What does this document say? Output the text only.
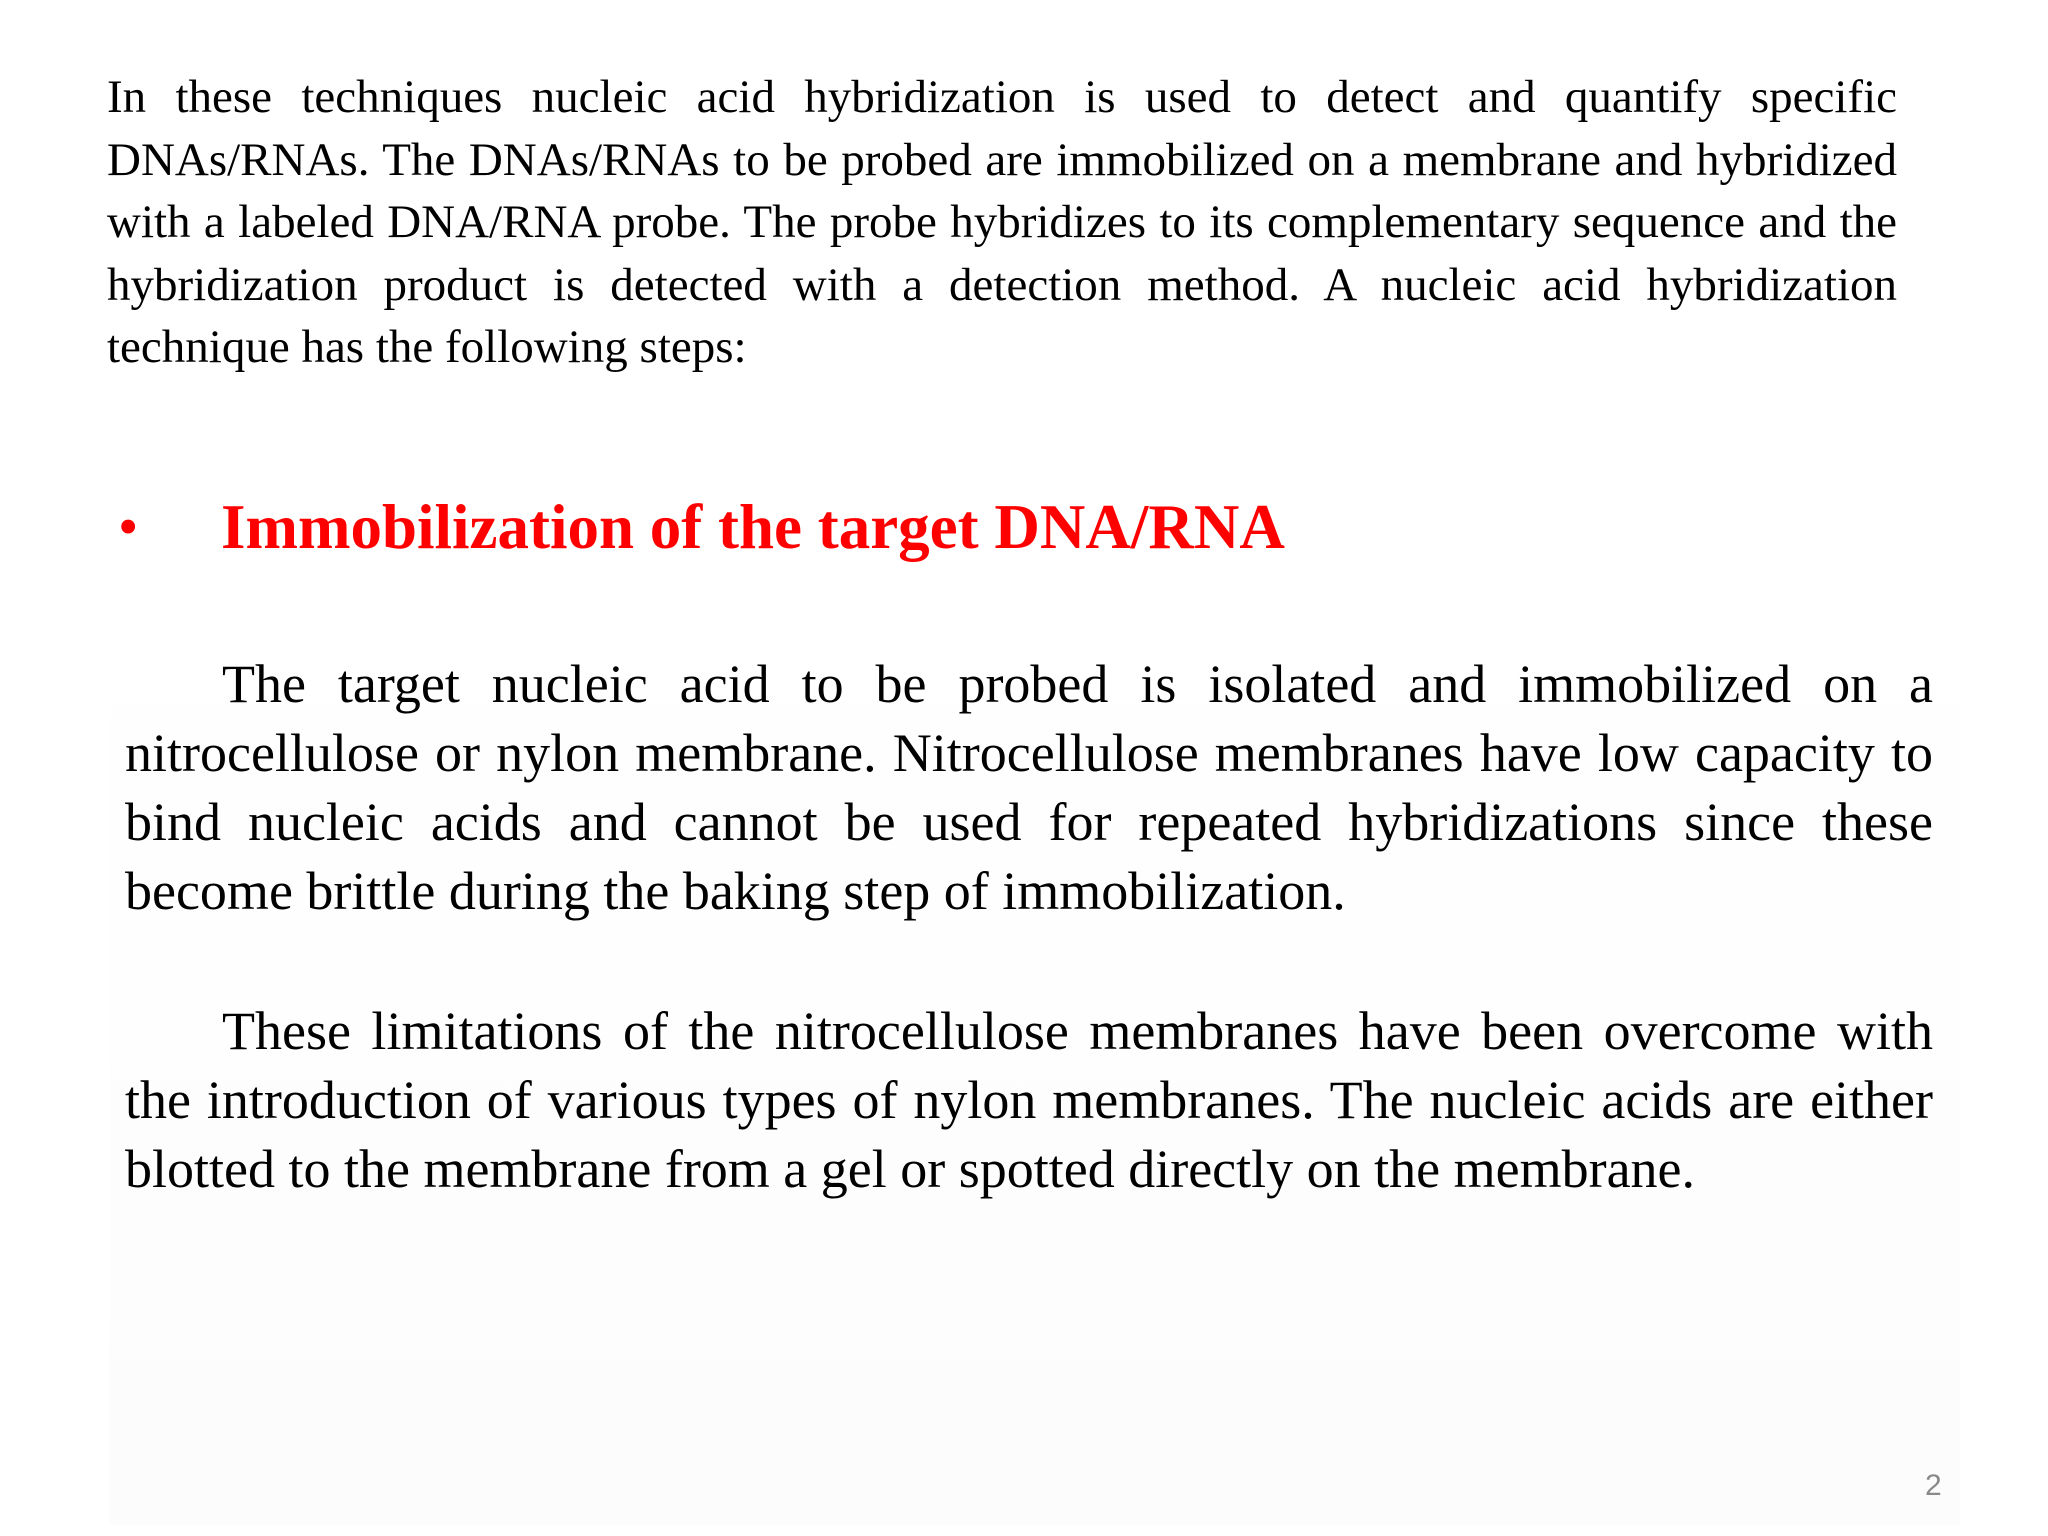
In these techniques nucleic acid hybridization is used to detect and quantify specific DNAs/RNAs. The DNAs/RNAs to be probed are immobilized on a membrane and hybridized with a labeled DNA/RNA probe. The probe hybridizes to its complementary sequence and the hybridization product is detected with a detection method. A nucleic acid hybridization technique has the following steps:

• Immobilization of the target DNA/RNA

The target nucleic acid to be probed is isolated and immobilized on a nitrocellulose or nylon membrane. Nitrocellulose membranes have low capacity to bind nucleic acids and cannot be used for repeated hybridizations since these become brittle during the baking step of immobilization.

These limitations of the nitrocellulose membranes have been overcome with the introduction of various types of nylon membranes. The nucleic acids are either blotted to the membrane from a gel or spotted directly on the membrane.

2
